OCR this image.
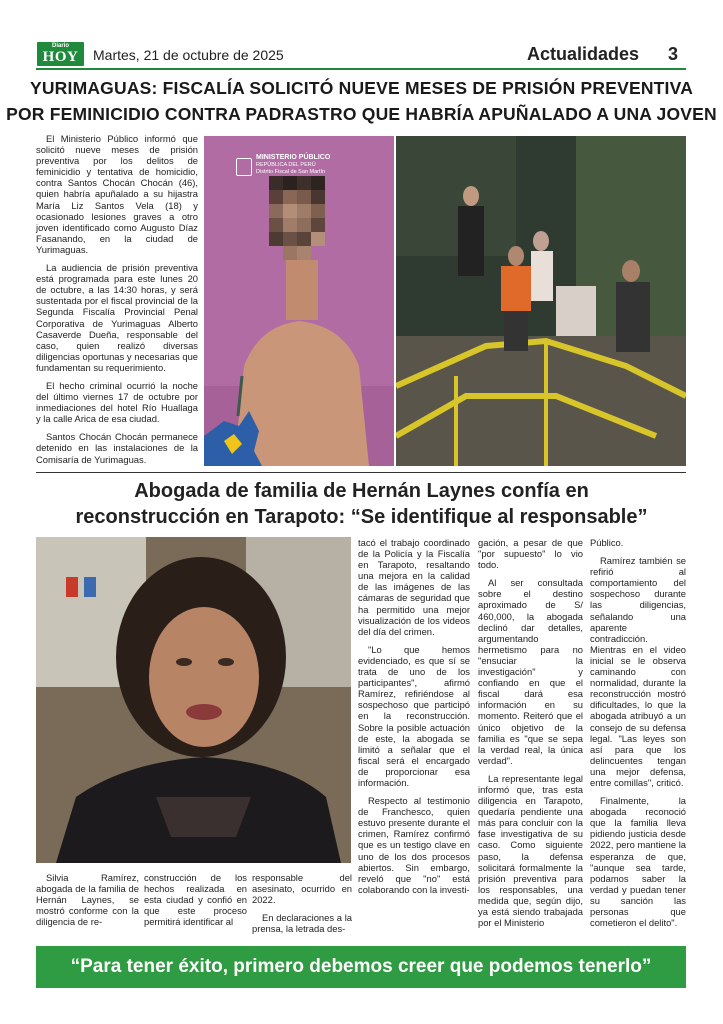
Diario
HOY	Martes, 21 de octubre de 2025	Actualidades 3
YURIMAGUAS: FISCALÍA SOLICITÓ NUEVE MESES DE PRISIÓN PREVENTIVA
POR FEMINICIDIO CONTRA PADRASTRO QUE HABRÍA APUÑALADO A UNA JOVEN

El Ministerio Público informó que solicitó nueve meses de prisión preventiva por los delitos de feminicidio y tentativa de homicidio, contra Santos Chocán Chocán (46), quien habría apuñalado a su hijastra María Liz Santos Vela (18) y ocasionado lesiones graves a otro joven identificado como Augusto Díaz Fasanando, en la ciudad de Yurimaguas.

La audiencia de prisión preventiva está programada para este lunes 20 de octubre, a las 14:30 horas, y será sustentada por el fiscal provincial de la Segunda Fiscalía Provincial Penal Corporativa de Yurimaguas Alberto Casaverde Dueña, responsable del caso, quien realizó diversas diligencias oportunas y necesarias que fundamentan su requerimiento.

El hecho criminal ocurrió la noche del último viernes 17 de octubre por inmediaciones del hotel Río Huallaga y la calle Arica de esa ciudad.

Santos Chocán Chocán permanece detenido en las instalaciones de la Comisaría de Yurimaguas.

MINISTERIO PÚBLICO
REPÚBLICA DEL PERÚ
Distrito Fiscal de San Martín
Abogada de familia de Hernán Laynes confía en
reconstrucción en Tarapoto: “Se identifique al responsable”

Silvia Ramírez, abogada de la familia de Hernán Laynes, se mostró conforme con la diligencia de re-

construcción de los hechos realizada en esta ciudad y confió en que este proceso permitirá identificar al

responsable del asesinato, ocurrido en 2022.

En declaraciones a la prensa, la letrada des-

tacó el trabajo coordinado de la Policía y la Fiscalía en Tarapoto, resaltando una mejora en la calidad de las imágenes de las cámaras de seguridad que ha permitido una mejor visualización de los videos del día del crimen.

"Lo que hemos evidenciado, es que sí se trata de uno de los participantes", afirmó Ramírez, refiriéndose al sospechoso que participó en la reconstrucción. Sobre la posible actuación de este, la abogada se limitó a señalar que el fiscal será el encargado de proporcionar esa información.

Respecto al testimonio de Franchesco, quien estuvo presente durante el crimen, Ramírez confirmó que es un testigo clave en uno de los dos procesos abiertos. Sin embargo, reveló que "no" está colaborando con la investi-

gación, a pesar de que "por supuesto" lo vio todo.

Al ser consultada sobre el destino aproximado de S/ 460,000, la abogada declinó dar detalles, argumentando hermetismo para no "ensuciar la investigación" y confiando en que el fiscal dará esa información en su momento. Reiteró que el único objetivo de la familia es "que se sepa la verdad real, la única verdad".

La representante legal informó que, tras esta diligencia en Tarapoto, quedaría pendiente una más para concluir con la fase investigativa de su caso. Como siguiente paso, la defensa solicitará formalmente la prisión preventiva para los responsables, una medida que, según dijo, ya está siendo trabajada por el Ministerio

Público.

Ramírez también se refirió al comportamiento del sospechoso durante las diligencias, señalando una aparente contradicción. Mientras en el video inicial se le observa caminando con normalidad, durante la reconstrucción mostró dificultades, lo que la abogada atribuyó a un consejo de su defensa legal. "Las leyes son así para que los delincuentes tengan una mejor defensa, entre comillas", criticó.

Finalmente, la abogada reconoció que la familia lleva pidiendo justicia desde 2022, pero mantiene la esperanza de que, "aunque sea tarde, podamos saber la verdad y puedan tener su sanción las personas que cometieron el delito".

“Para tener éxito, primero debemos creer que podemos tenerlo”
